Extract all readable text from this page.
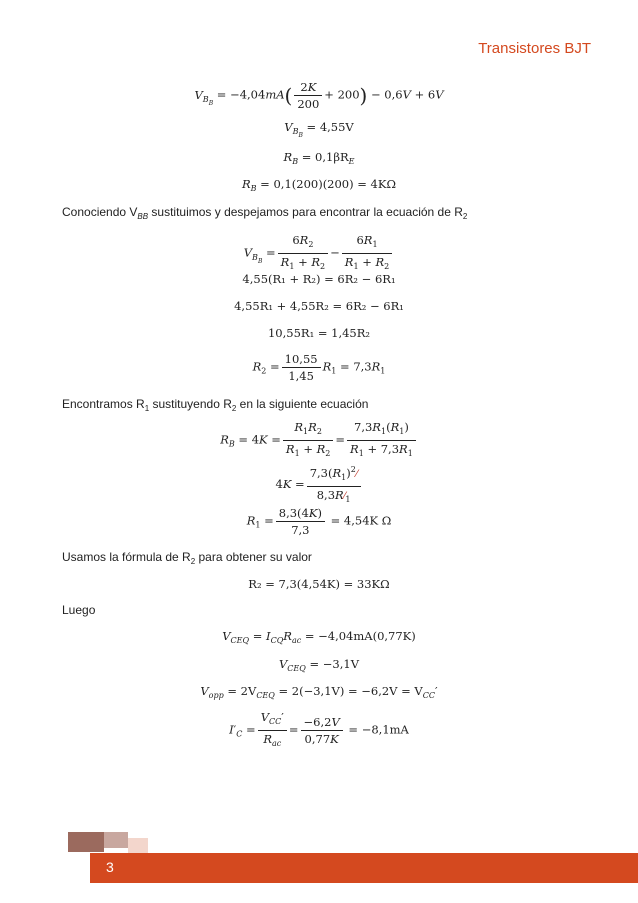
Transistores BJT
$V_{B_B} = -4,04mA( \frac{2K}{200} + 200) - 0,6V + 6V$
$V_{B_B} = 4,55V$
$R_B = 0,1\beta R_E$
$R_B = 0,1(200)(200) = 4K\Omega$
Conociendo $V_{BB}$ sustituimos y despejamos para encontrar la ecuación de $R_2$
$V_{B_B} = \frac{6R_2}{R_1 + R_2} - \frac{6R_1}{R_1 + R_2}$
4,55(R₁ + R₂) = 6R₂ − 6R₁
4,55R₁ + 4,55R₂ = 6R₂ − 6R₁
10,55R₁ = 1,45R₂
$R_2 = \frac{10,55}{1,45} R_1 = 7,3R_1$
Encontramos $R_1$ sustituyendo $R_2$ en la siguiente ecuación
$R_B = 4K = \frac{R_1R_2}{R_1 + R_2} = \frac{7,3R_1(R_1)}{R_1 + 7,3R_1}$
$4K = \frac{7,3(R_1)^2⁄}{8,3R⁄_1}$
$R_1 = \frac{8,3(4K)}{7,3} = 4,54K$ Ω
Usamos la fórmula de $R_2$ para obtener su valor
R₂ = 7,3(4,54K) = 33KΩ
Luego
$V_{CEQ} = I_{CQ}R_{ac} = -4,04mA(0,77K)$
$V_{CEQ} = -3,1V$
$V_{opp} = 2V_{CEQ} = 2(-3,1V) = -6,2V = V_{CC}'$
$I'_C = \frac{V_{CC}'}{R_{ac}} = \frac{-6,2V}{0,77K} = -8,1mA$
3
